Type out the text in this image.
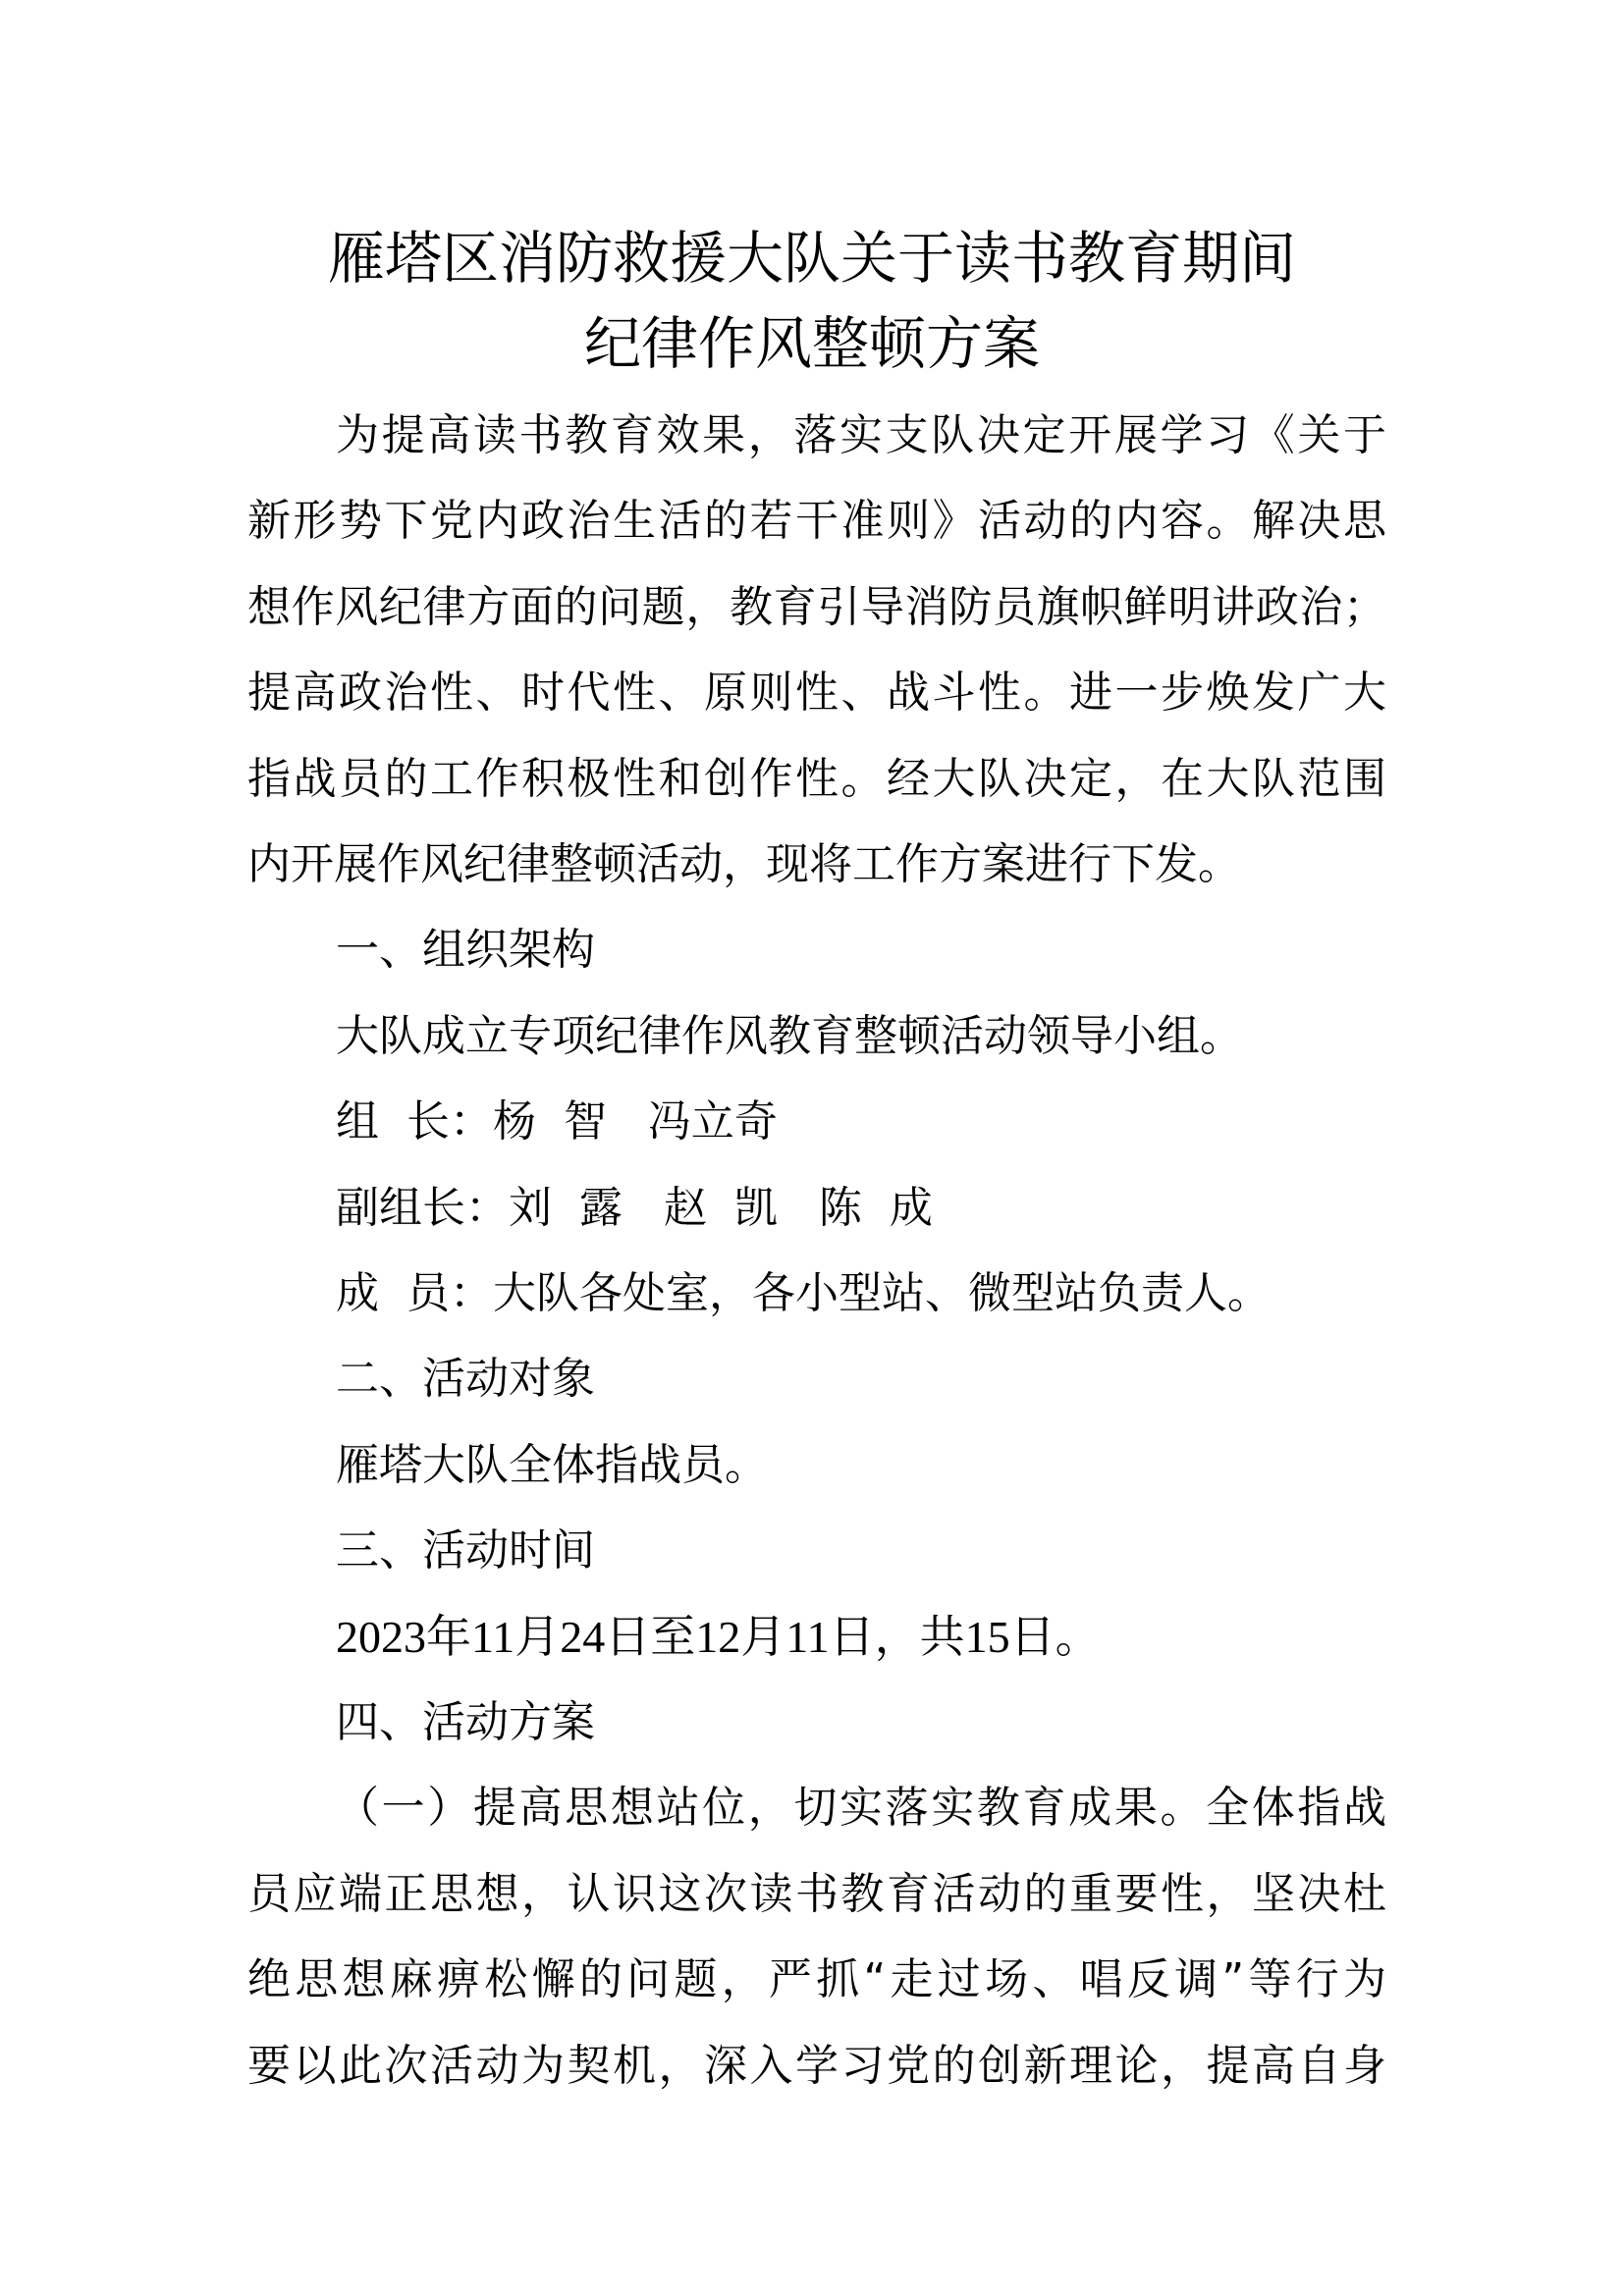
雁塔区消防救援大队关于读书教育期间
纪律作风整顿方案
为提高读书教育效果，落实支队决定开展学习《关于
新形势下党内政治生活的若干准则》活动的内容。解决思
想作风纪律方面的问题，教育引导消防员旗帜鲜明讲政治；
提高政治性、时代性、原则性、战斗性。进一步焕发广大
指战员的工作积极性和创作性。经大队决定，在大队范围
内开展作风纪律整顿活动，现将工作方案进行下发。
一、组织架构
大队成立专项纪律作风教育整顿活动领导小组。
组  长：杨  智   冯立奇
副组长：刘  露   赵  凯   陈  成
成  员：大队各处室，各小型站、微型站负责人。
二、活动对象
雁塔大队全体指战员。
三、活动时间
2023年11月24日至12月11日，共15日。
四、活动方案
（一）提高思想站位，切实落实教育成果。全体指战
员应端正思想，认识这次读书教育活动的重要性，坚决杜
绝思想麻痹松懈的问题，严抓“走过场、唱反调”等行为
要以此次活动为契机，深入学习党的创新理论，提高自身
